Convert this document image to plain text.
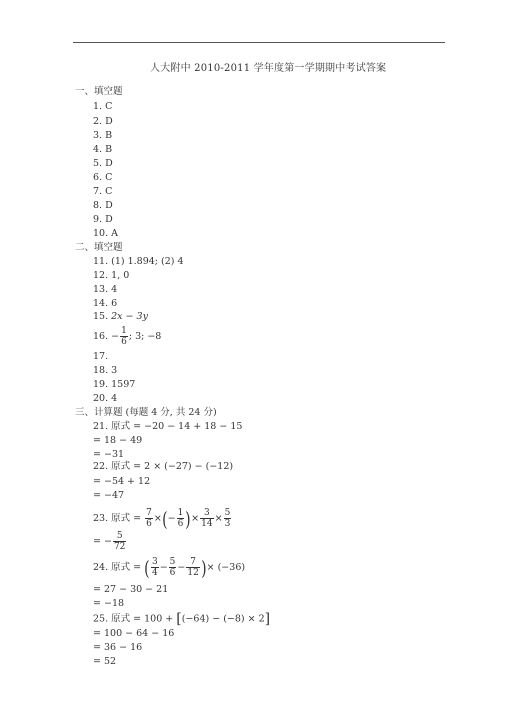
人大附中 2010-2011 学年度第一学期期中考试答案
一、填空题
1. C
2. D
3. B
4. B
5. D
6. C
7. C
8. D
9. D
10. A
二、填空题
11. (1) 1.894; (2) 4
12. 1, 0
13. 4
14. 6
15. 2x − 3y
16. − $\frac{1}{6}$ ; 3; −8
17.
18. 3
19. 1597
20. 4
三、计算题 (每题 4 分, 共 24 分)
21. 原式 = −20 − 14 + 18 − 15
= 18 − 49
= −31
22. 原式 = 2 × (−27) − (−12)
= −54 + 12
= −47
23. 原式 = $\frac{7}{6}$ ×(− $\frac{1}{6}$ )× $\frac{3}{14} \times \frac{5}{3}$
= − $\frac{5}{72}$
24. 原式 = ( $\frac{3}{4} - \frac{5}{6} - \frac{7}{12}$ )× (−36)
= 27 − 30 − 21
= −18
25. 原式 = 100 + [(−64) − (−8) × 2]
= 100 − 64 − 16
= 36 − 16
= 52
